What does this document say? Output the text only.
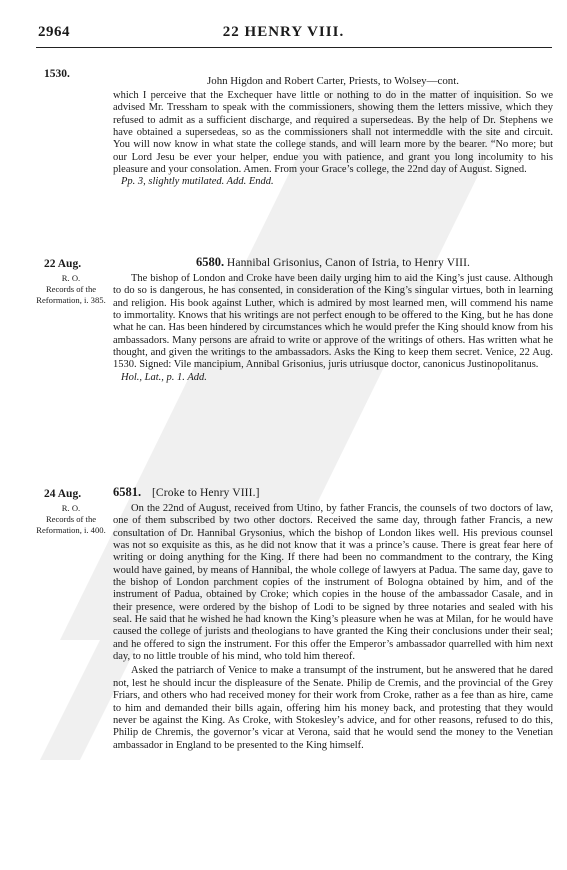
2964	22 HENRY VIII.
1530.
John Higdon and Robert Carter, Priests, to Wolsey—cont.

which I perceive that the Exchequer have little or nothing to do in the matter of inquisition. So we advised Mr. Tressham to speak with the commissioners, showing them the letters missive, which they refused to admit as a sufficient discharge, and required a supersedeas. By the help of Dr. Stephens we have obtained a supersedeas, so as the commissioners shall not intermeddle with the site and circuit. You will now know in what state the college stands, and will learn more by the bearer. “No more; but our Lord Jesu be ever your helper, endue you with patience, and grant you long incolumity to his pleasure and your consolation. Amen. From your Grace’s college, the 22nd day of August. Signed.

Pp. 3, slightly mutilated. Add. Endd.
22 Aug.
R. O.
Records of the Reformation, i. 385.
6580. Hannibal Grisonius, Canon of Istria, to Henry VIII.

The bishop of London and Croke have been daily urging him to aid the King’s just cause. Although to do so is dangerous, he has consented, in consideration of the King’s singular virtues, both in learning and religion. His book against Luther, which is admired by most learned men, will commend his name to immortality. Knows that his writings are not perfect enough to be offered to the King, but he has done what he can. Has been hindered by circumstances which he would prefer the King should know from his ambassadors. Many persons are afraid to write or approve of the writings of others. Has written what he thought, and given the writings to the ambassadors. Asks the King to keep them secret. Venice, 22 Aug. 1530. Signed: Vile mancipium, Annibal Grisonius, juris utriusque doctor, canonicus Justinopolitanus.

Hol., Lat., p. 1. Add.
24 Aug.
R. O.
Records of the Reformation, i. 400.
6581. [Croke to Henry VIII.]

On the 22nd of August, received from Utino, by father Francis, the counsels of two doctors of law, one of them subscribed by two other doctors. Received the same day, through father Francis, a new consultation of Dr. Hannibal Grysonius, which the bishop of London likes well. His previous counsel was not so exquisite as this, as he did not know that it was a prince’s cause. There is great fear here of writing or doing anything for the King. If there had been no commandment to the contrary, the King would have gained, by means of Hannibal, the whole college of lawyers at Padua. The same day, gave to the bishop of London parchment copies of the instrument of Bologna obtained by him, and of the instrument of Padua, obtained by Croke; which copies in the house of the ambassador Casale, and in their presence, were ordered by the bishop of Lodi to be signed by three notaries and sealed with his seal. He said that he wished he had known the King’s pleasure when he was at Milan, for he would have caused the college of jurists and theologians to have granted the King their conclusions under their seal; and he offered to sign the instrument. For this offer the Emperor’s ambassador quarrelled with him next day, to no little trouble of his mind, who told him thereof.

Asked the patriarch of Venice to make a transumpt of the instrument, but he answered that he dared not, lest he should incur the displeasure of the Senate. Philip de Cremis, and the provincial of the Grey Friars, and others who had received money for their work from Croke, rather as a fee than as hire, came to him and demanded their bills again, offering him his money back, and protesting that they would never be against the King. As Croke, with Stokesley’s advice, and for other reasons, refused to do this, Philip de Chremis, the governor’s vicar at Verona, said that he would send the money to the Venetian ambassador in England to be presented to the King himself.
